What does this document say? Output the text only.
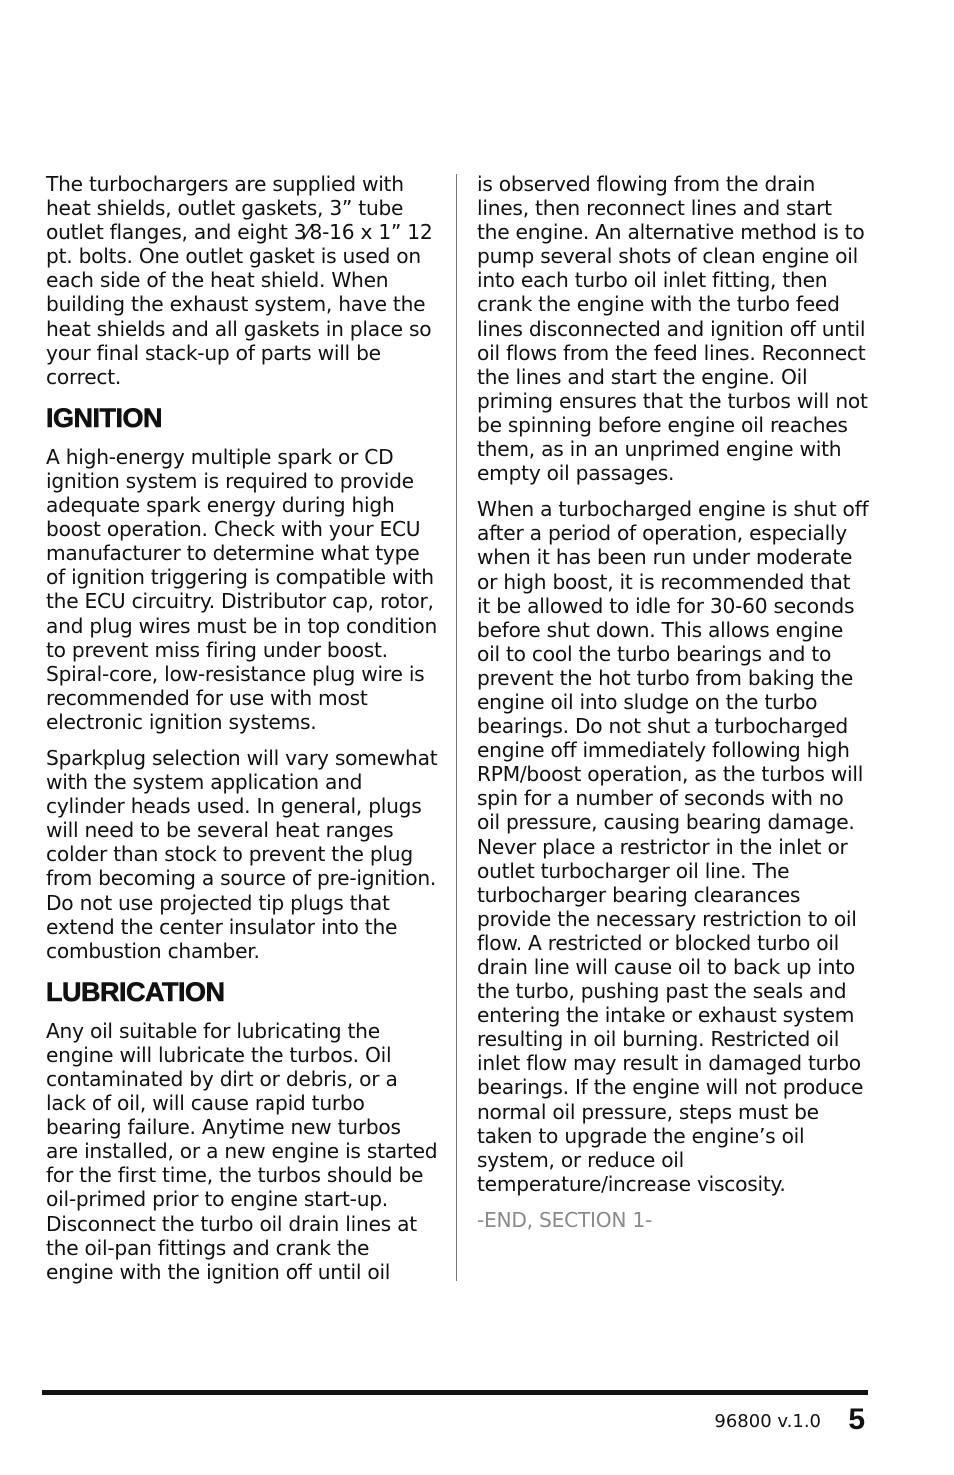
The turbochargers are supplied with heat shields, outlet gaskets, 3” tube outlet flanges, and eight 3⁄8-16 x 1” 12 pt. bolts. One outlet gasket is used on each side of the heat shield. When building the exhaust system, have the heat shields and all gaskets in place so your final stack-up of parts will be correct.

IGNITION

A high-energy multiple spark or CD ignition system is required to provide adequate spark energy during high boost operation. Check with your ECU manufacturer to determine what type of ignition triggering is compatible with the ECU circuitry. Distributor cap, rotor, and plug wires must be in top condition to prevent miss firing under boost. Spiral-core, low-resistance plug wire is recommended for use with most electronic ignition systems.

Sparkplug selection will vary somewhat with the system application and cylinder heads used. In general, plugs will need to be several heat ranges colder than stock to prevent the plug from becoming a source of pre-ignition. Do not use projected tip plugs that extend the center insulator into the combustion chamber.

LUBRICATION

Any oil suitable for lubricating the engine will lubricate the turbos. Oil contaminated by dirt or debris, or a lack of oil, will cause rapid turbo bearing failure. Anytime new turbos are installed, or a new engine is started for the first time, the turbos should be oil-primed prior to engine start-up. Disconnect the turbo oil drain lines at the oil-pan fittings and crank the engine with the ignition off until oil

is observed flowing from the drain lines, then reconnect lines and start the engine. An alternative method is to pump several shots of clean engine oil into each turbo oil inlet fitting, then crank the engine with the turbo feed lines disconnected and ignition off until oil flows from the feed lines. Reconnect the lines and start the engine. Oil priming ensures that the turbos will not be spinning before engine oil reaches them, as in an unprimed engine with empty oil passages.

When a turbocharged engine is shut off after a period of operation, especially when it has been run under moderate or high boost, it is recommended that it be allowed to idle for 30-60 seconds before shut down. This allows engine oil to cool the turbo bearings and to prevent the hot turbo from baking the engine oil into sludge on the turbo bearings. Do not shut a turbocharged engine off immediately following high RPM/boost operation, as the turbos will spin for a number of seconds with no oil pressure, causing bearing damage. Never place a restrictor in the inlet or outlet turbocharger oil line. The turbocharger bearing clearances provide the necessary restriction to oil flow. A restricted or blocked turbo oil drain line will cause oil to back up into the turbo, pushing past the seals and entering the intake or exhaust system resulting in oil burning. Restricted oil inlet flow may result in damaged turbo bearings. If the engine will not produce normal oil pressure, steps must be taken to upgrade the engine’s oil system, or reduce oil temperature/increase viscosity.

-END, SECTION 1-

96800 v.1.0 5
